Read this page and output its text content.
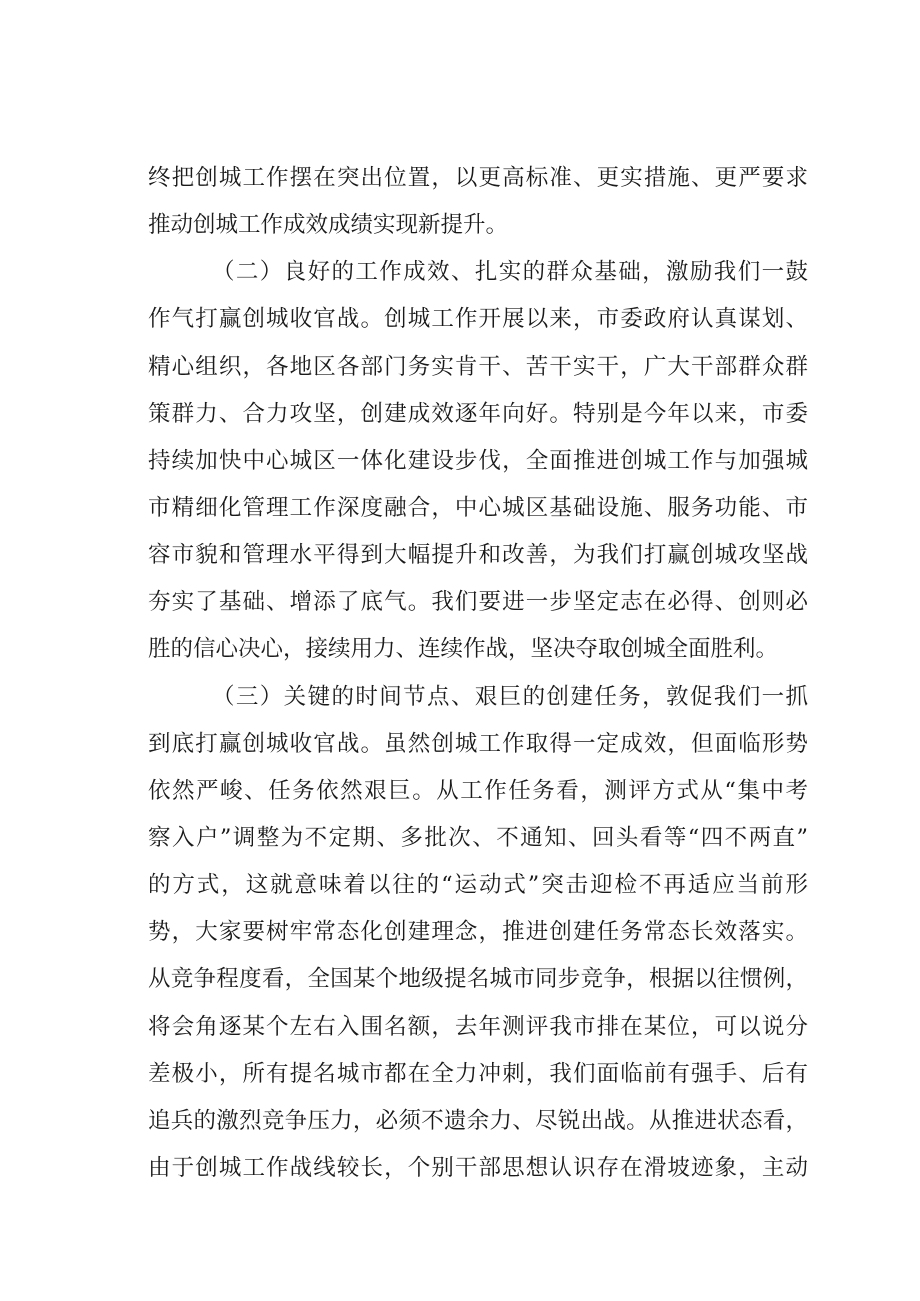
终把创城工作摆在突出位置，以更高标准、更实措施、更严要求
推动创城工作成效成绩实现新提升。
（二）良好的工作成效、扎实的群众基础，激励我们一鼓
作气打赢创城收官战。创城工作开展以来，市委政府认真谋划、
精心组织，各地区各部门务实肯干、苦干实干，广大干部群众群
策群力、合力攻坚，创建成效逐年向好。特别是今年以来，市委
持续加快中心城区一体化建设步伐，全面推进创城工作与加强城
市精细化管理工作深度融合，中心城区基础设施、服务功能、市
容市貌和管理水平得到大幅提升和改善，为我们打赢创城攻坚战
夯实了基础、增添了底气。我们要进一步坚定志在必得、创则必
胜的信心决心，接续用力、连续作战，坚决夺取创城全面胜利。
（三）关键的时间节点、艰巨的创建任务，敦促我们一抓
到底打赢创城收官战。虽然创城工作取得一定成效，但面临形势
依然严峻、任务依然艰巨。从工作任务看，测评方式从“集中考
察入户”调整为不定期、多批次、不通知、回头看等“四不两直”
的方式，这就意味着以往的“运动式”突击迎检不再适应当前形
势，大家要树牢常态化创建理念，推进创建任务常态长效落实。
从竞争程度看，全国某个地级提名城市同步竞争，根据以往惯例，
将会角逐某个左右入围名额，去年测评我市排在某位，可以说分
差极小，所有提名城市都在全力冲刺，我们面临前有强手、后有
追兵的激烈竞争压力，必须不遗余力、尽锐出战。从推进状态看，
由于创城工作战线较长，个别干部思想认识存在滑坡迹象，主动
